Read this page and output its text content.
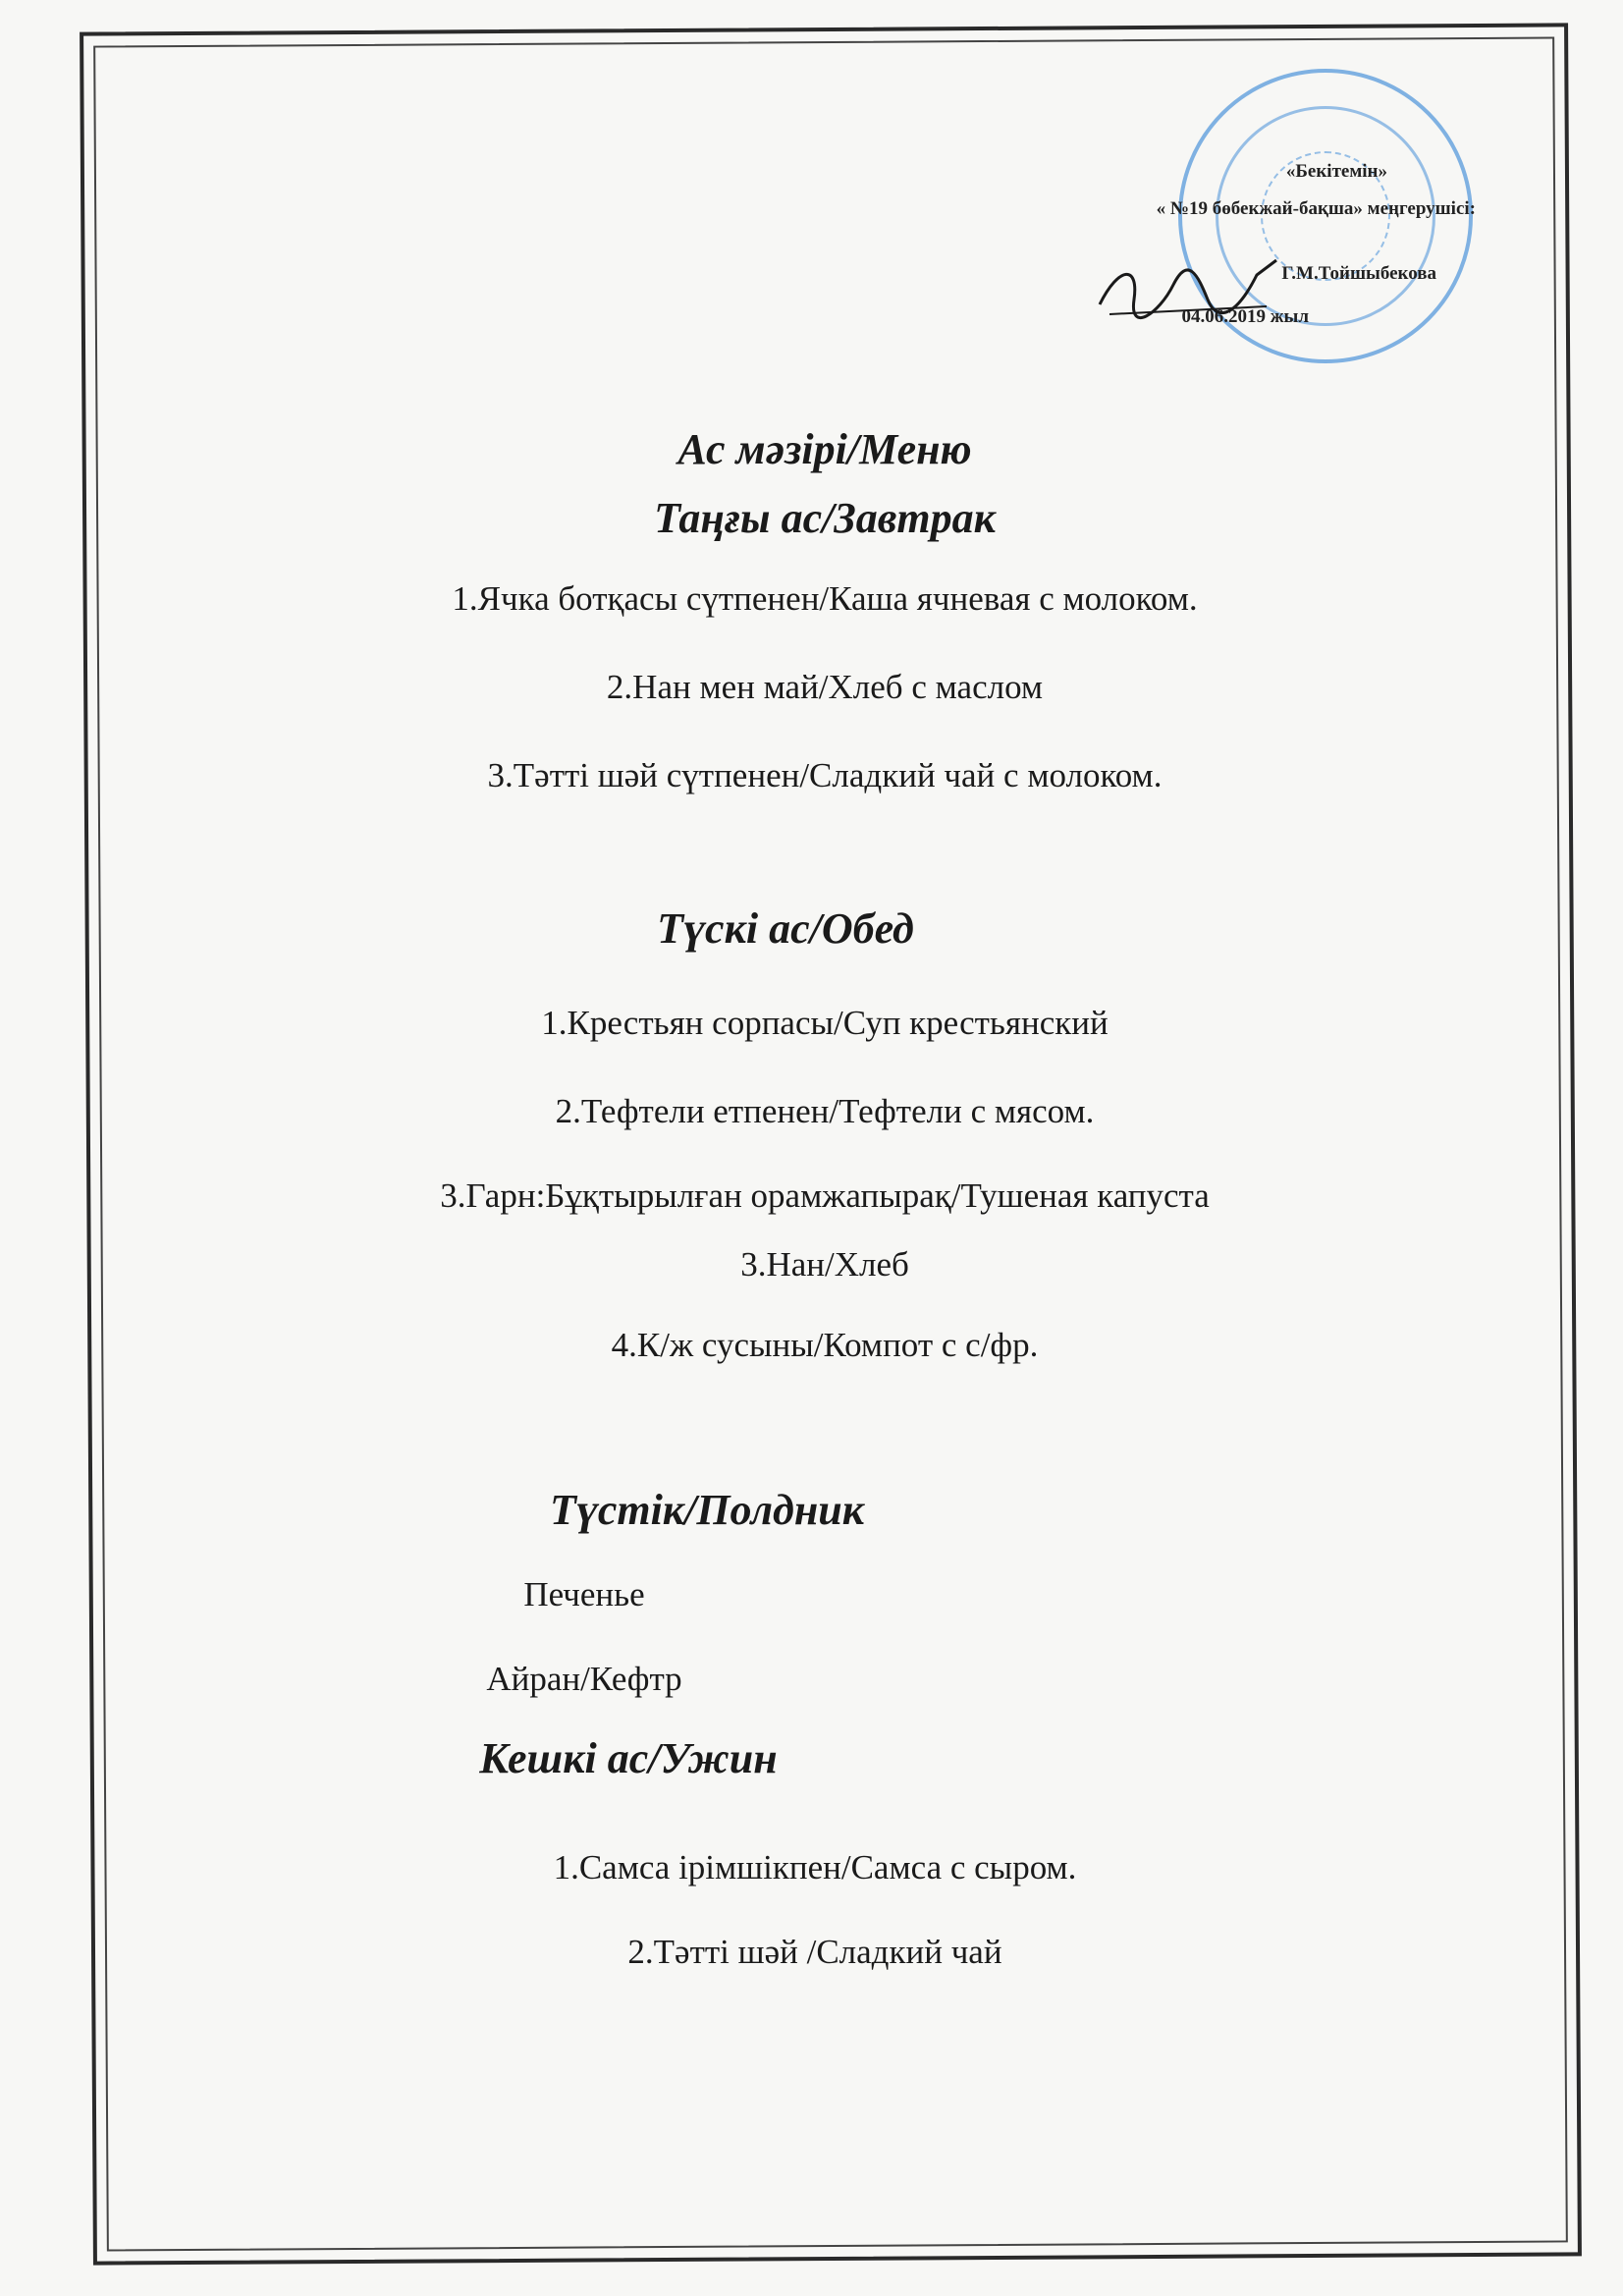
«Бекітемін»
« №19 бөбекжай-бақша» меңгерушісі:
Г.М.Тойшыбекова
04.06.2019 жыл
Ас мәзірі/Меню
Таңғы ас/Завтрак
1.Ячка ботқасы сүтпенен/Каша ячневая с молоком.
2.Нан мен май/Хлеб с маслом
3.Тәтті шәй сүтпенен/Сладкий чай с молоком.
Түскі ас/Обед
1.Крестьян сорпасы/Суп крестьянский
2.Тефтели етпенен/Тефтели с мясом.
3.Гарн:Бұқтырылған орамжапырақ/Тушеная капуста
3.Нан/Хлеб
4.К/ж сусыны/Компот с с/фр.
Түстік/Полдник
Печенье
Айран/Кефтр
Кешкі ас/Ужин
1.Самса ірімшікпен/Самса с сыром.
2.Тәтті шәй /Сладкий чай
